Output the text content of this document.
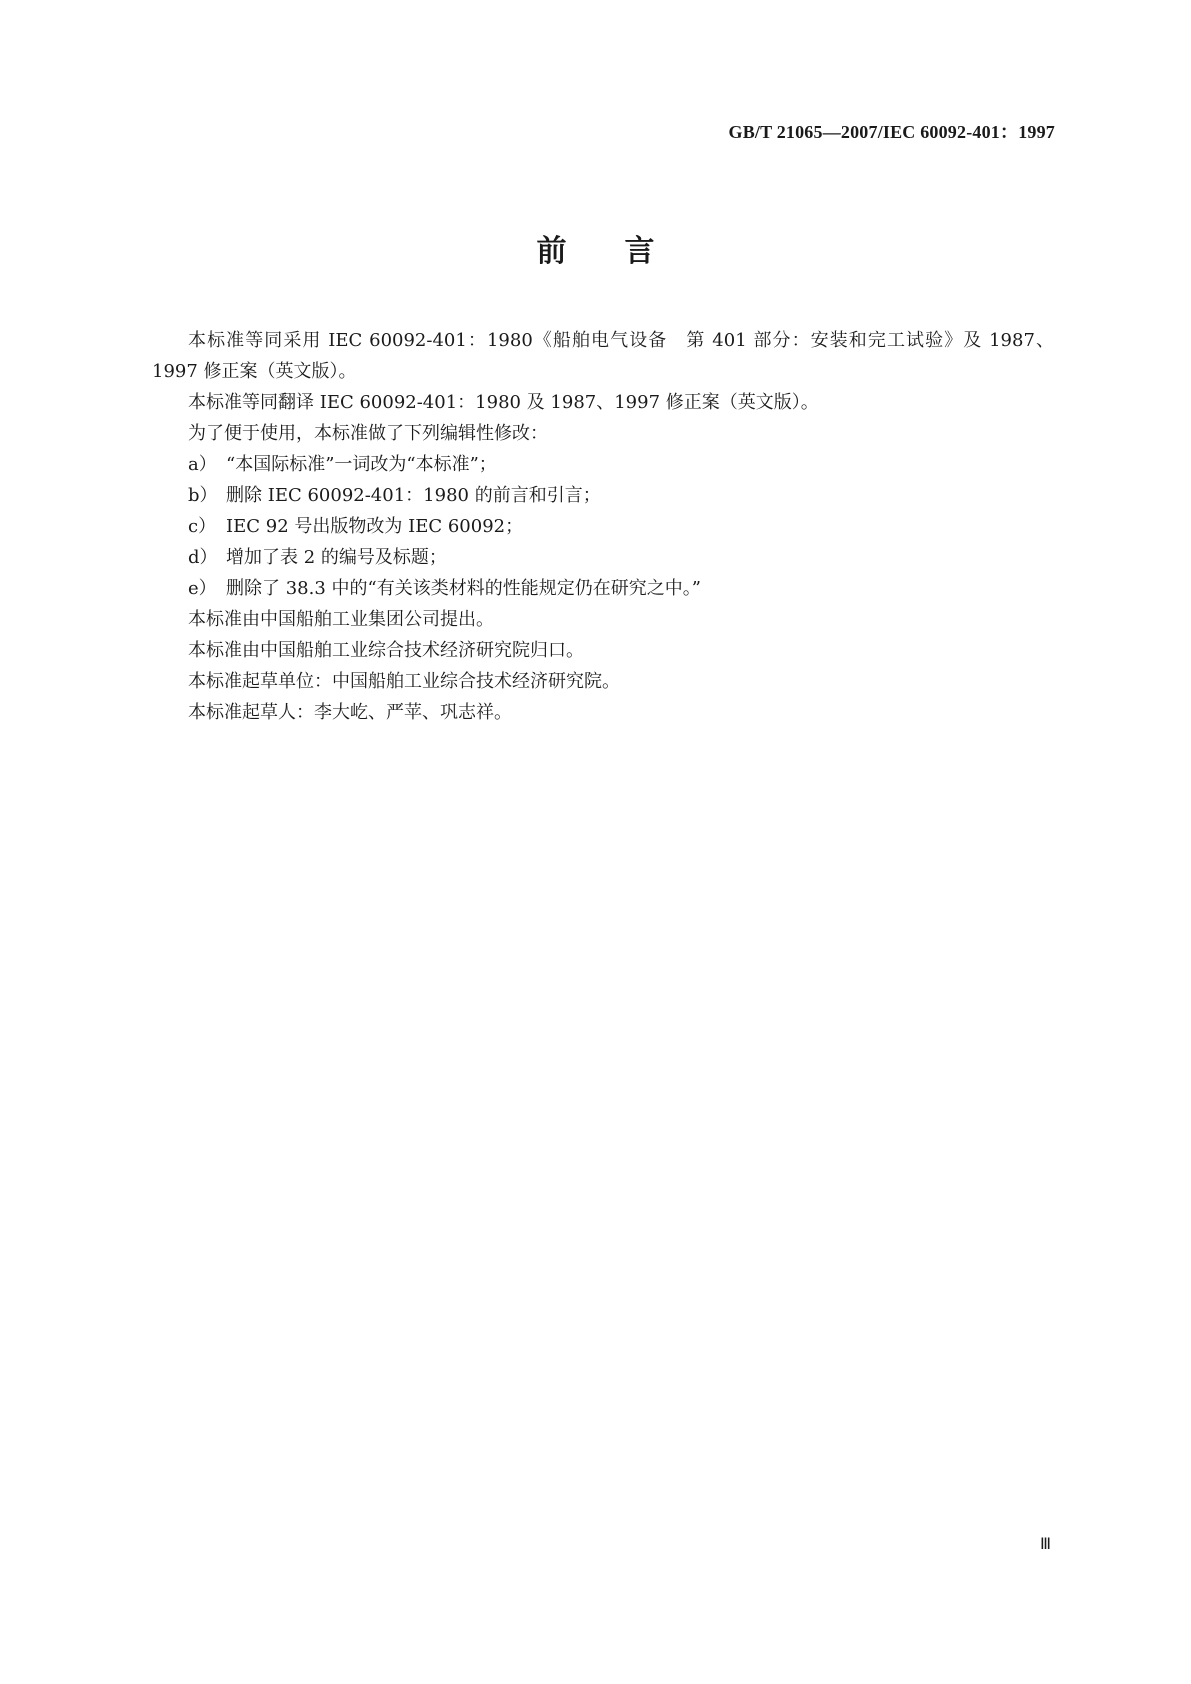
GB/T 21065—2007/IEC 60092-401：1997
前言

本标准等同采用 IEC 60092-401：1980《船舶电气设备　第 401 部分：安装和完工试验》及 1987、1997 修正案（英文版）。

本标准等同翻译 IEC 60092-401：1980 及 1987、1997 修正案（英文版）。

为了便于使用，本标准做了下列编辑性修改：

a） “本国际标准”一词改为“本标准”；

b） 删除 IEC 60092-401：1980 的前言和引言；

c） IEC 92 号出版物改为 IEC 60092；

d） 增加了表 2 的编号及标题；

e） 删除了 38.3 中的“有关该类材料的性能规定仍在研究之中。”

本标准由中国船舶工业集团公司提出。

本标准由中国船舶工业综合技术经济研究院归口。

本标准起草单位：中国船舶工业综合技术经济研究院。

本标准起草人：李大屹、严苹、巩志祥。

Ⅲ
